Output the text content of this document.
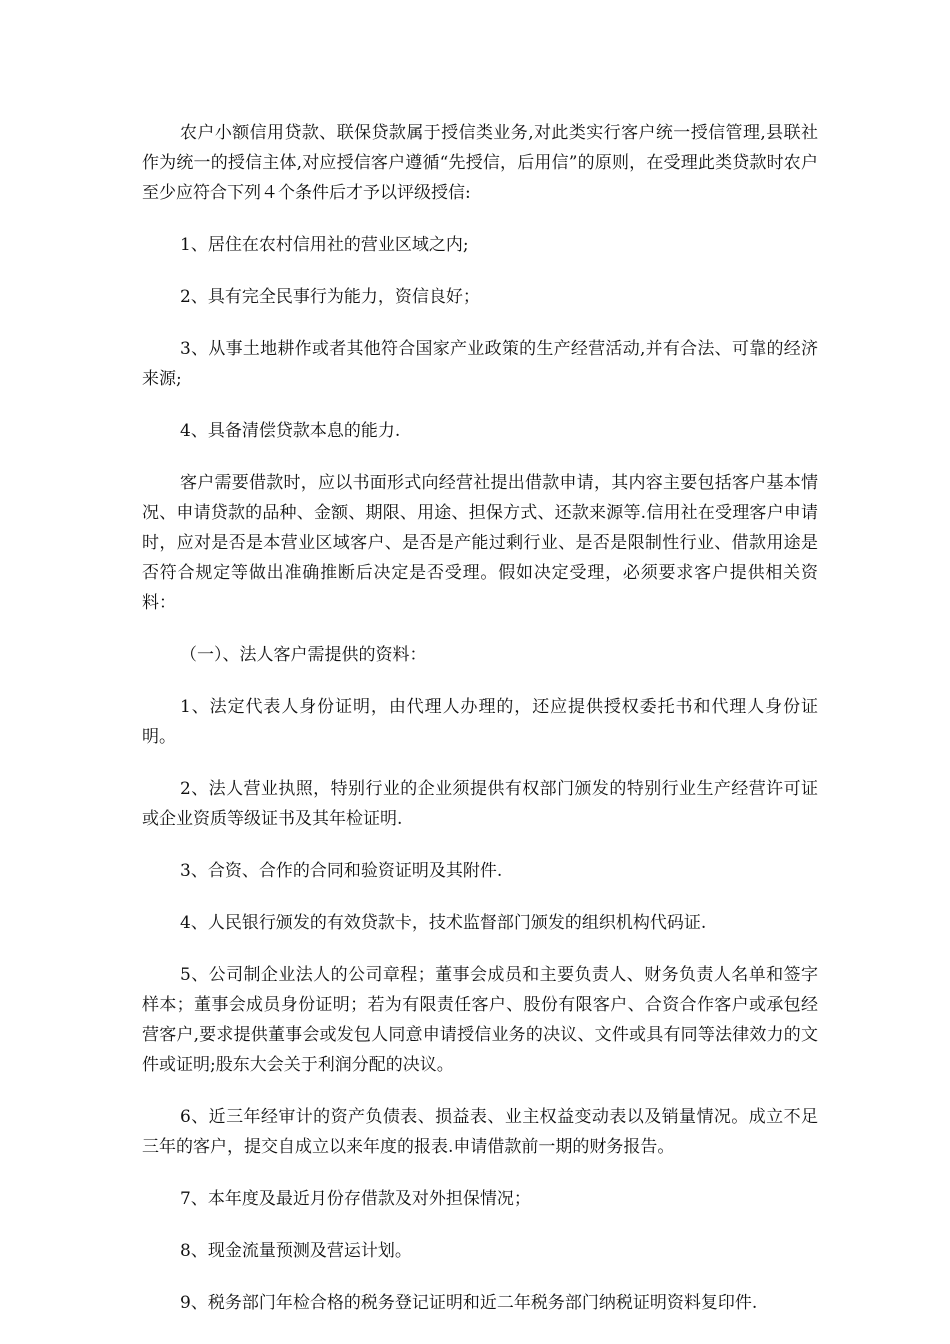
农户小额信用贷款、联保贷款属于授信类业务,对此类实行客户统一授信管理,县联社作为统一的授信主体,对应授信客户遵循“先授信，后用信”的原则，在受理此类贷款时农户至少应符合下列４个条件后才予以评级授信:

1、居住在农村信用社的营业区域之内;

2、具有完全民事行为能力，资信良好；

3、从事土地耕作或者其他符合国家产业政策的生产经营活动,并有合法、可靠的经济来源;

4、具备清偿贷款本息的能力.

客户需要借款时，应以书面形式向经营社提出借款申请，其内容主要包括客户基本情况、申请贷款的品种、金额、期限、用途、担保方式、还款来源等.信用社在受理客户申请时，应对是否是本营业区域客户、是否是产能过剩行业、是否是限制性行业、借款用途是否符合规定等做出准确推断后决定是否受理。假如决定受理，必须要求客户提供相关资料：

（一）、法人客户需提供的资料：

1、法定代表人身份证明，由代理人办理的，还应提供授权委托书和代理人身份证明。

2、法人营业执照，特别行业的企业须提供有权部门颁发的特别行业生产经营许可证或企业资质等级证书及其年检证明.

3、合资、合作的合同和验资证明及其附件.

4、人民银行颁发的有效贷款卡，技术监督部门颁发的组织机构代码证.

5、公司制企业法人的公司章程；董事会成员和主要负责人、财务负责人名单和签字样本；董事会成员身份证明；若为有限责任客户、股份有限客户、合资合作客户或承包经营客户,要求提供董事会或发包人同意申请授信业务的决议、文件或具有同等法律效力的文件或证明;股东大会关于利润分配的决议。

6、近三年经审计的资产负债表、损益表、业主权益变动表以及销量情况。成立不足三年的客户，提交自成立以来年度的报表.申请借款前一期的财务报告。

7、本年度及最近月份存借款及对外担保情况；

8、现金流量预测及营运计划。

9、税务部门年检合格的税务登记证明和近二年税务部门纳税证明资料复印件.
